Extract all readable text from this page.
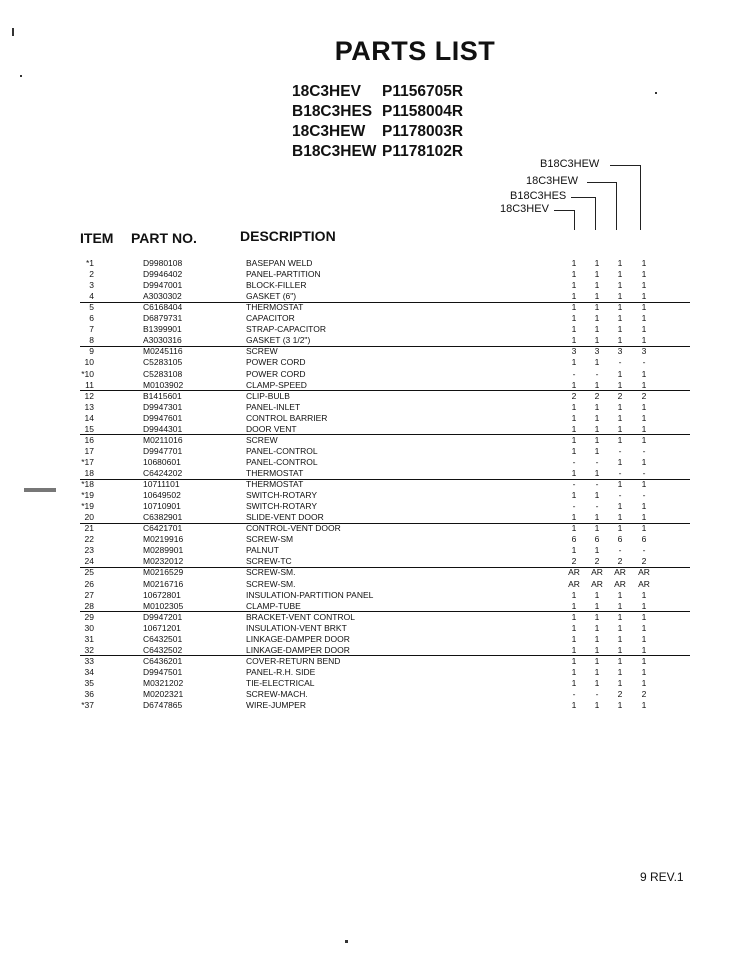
PARTS LIST
18C3HEV	P1156705R
B18C3HES P1158004R
18C3HEW	P1178003R
B18C3HEW P1178102R
B18C3HEW
18C3HEW
B18C3HES
18C3HEV
ITEM PART NO.	DESCRIPTION
*1	D9980108	BASEPAN WELD	1	1	1	1
2	D9946402	PANEL-PARTITION	1	1	1	1
3	D9947001	BLOCK-FILLER	1	1	1	1
4	A3030302	GASKET (6")	1	1	1	1
5	C6168404	THERMOSTAT	1	1	1	1
6	D6879731	CAPACITOR	1	1	1	1
7	B1399901	STRAP-CAPACITOR	1	1	1	1
8	A3030316	GASKET (3 1/2")	1	1	1	1
9	M0245116	SCREW	3	3	3	3
10	C5283105	POWER CORD	1	1	-	-
*10	C5283108	POWER CORD	-	-	1	1
11	M0103902	CLAMP-SPEED	1	1	1	1
12	B1415601	CLIP-BULB	2	2	2	2
13	D9947301	PANEL-INLET	1	1	1	1
14	D9947601	CONTROL BARRIER	1	1	1	1
15	D9944301	DOOR VENT	1	1	1	1
16	M0211016	SCREW	1	1	1	1
17	D9947701	PANEL-CONTROL	1	1	-	-
*17	10680601	PANEL-CONTROL	-	-	1	1
18	C6424202	THERMOSTAT	1	1	-	-
*18	10711101	THERMOSTAT	-	-	1	1
*19	10649502	SWITCH-ROTARY	1	1	-	-
*19	10710901	SWITCH-ROTARY	-	-	1	1
20	C6382901	SLIDE-VENT DOOR	1	1	1	1
21	C6421701	CONTROL-VENT DOOR	1	1	1	1
22	M0219916	SCREW-SM	6	6	6	6
23	M0289901	PALNUT	1	1	-	-
24	M0232012	SCREW-TC	2	2	2	2
25	M0216529	SCREW-SM.	AR AR AR AR
26	M0216716	SCREW-SM.	AR AR AR AR
27	10672801	INSULATION-PARTITION PANEL	1	1	1	1
28	M0102305	CLAMP-TUBE	1	1	1	1
29	D9947201	BRACKET-VENT CONTROL	1	1	1	1
30	10671201	INSULATION-VENT BRKT	1	1	1	1
31	C6432501	LINKAGE-DAMPER DOOR	1	1	1	1
32	C6432502	LINKAGE-DAMPER DOOR	1	1	1	1
33	C6436201	COVER-RETURN BEND	1	1	1	1
34	D9947501	PANEL-R.H. SIDE	1	1	1	1
35	M0321202	TIE-ELECTRICAL	1	1	1	1
36	M0202321	SCREW-MACH.	-	-	2	2
*37	D6747865	WIRE-JUMPER	1	1	1	1
9 REV.1
